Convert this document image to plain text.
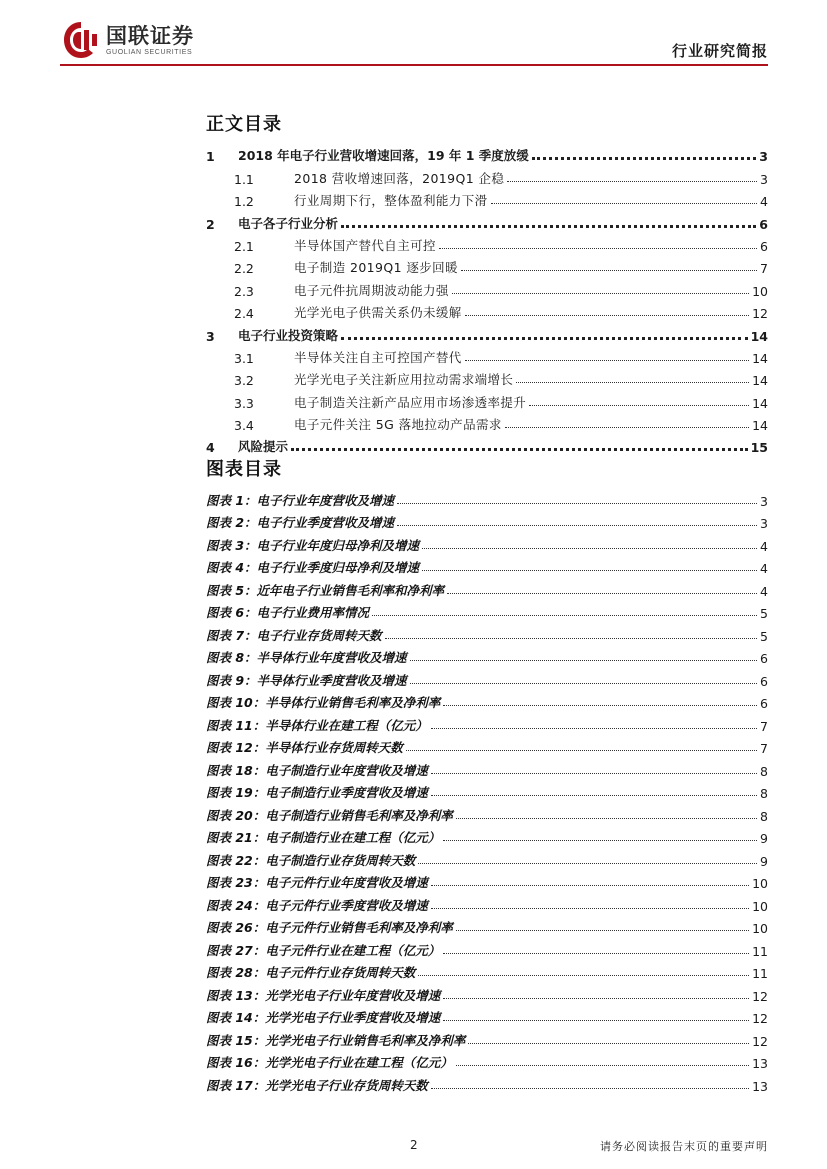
国联证券
GUOLIAN SECURITIES	行业研究简报
正文目录
1	2018 年电子行业营收增速回落，19 年 1 季度放缓	3
1.1	2018 营收增速回落，2019Q1 企稳	3
1.2	行业周期下行，整体盈利能力下滑	4
2	电子各子行业分析	6
2.1	半导体国产替代自主可控	6
2.2	电子制造 2019Q1 逐步回暖	7
2.3	电子元件抗周期波动能力强	10
2.4	光学光电子供需关系仍未缓解	12
3	电子行业投资策略	14
3.1	半导体关注自主可控国产替代	14
3.2	光学光电子关注新应用拉动需求端增长	14
3.3	电子制造关注新产品应用市场渗透率提升	14
3.4	电子元件关注 5G 落地拉动产品需求	14
4	风险提示	15
图表目录
图表 1：电子行业年度营收及增速	3
图表 2：电子行业季度营收及增速	3
图表 3：电子行业年度归母净利及增速	4
图表 4：电子行业季度归母净利及增速	4
图表 5：近年电子行业销售毛利率和净利率	4
图表 6：电子行业费用率情况	5
图表 7：电子行业存货周转天数	5
图表 8：半导体行业年度营收及增速	6
图表 9：半导体行业季度营收及增速	6
图表 10：半导体行业销售毛利率及净利率	6
图表 11：半导体行业在建工程（亿元）	7
图表 12：半导体行业存货周转天数	7
图表 18：电子制造行业年度营收及增速	8
图表 19：电子制造行业季度营收及增速	8
图表 20：电子制造行业销售毛利率及净利率	8
图表 21：电子制造行业在建工程（亿元）	9
图表 22：电子制造行业存货周转天数	9
图表 23：电子元件行业年度营收及增速	10
图表 24：电子元件行业季度营收及增速	10
图表 26：电子元件行业销售毛利率及净利率	10
图表 27：电子元件行业在建工程（亿元）	11
图表 28：电子元件行业存货周转天数	11
图表 13：光学光电子行业年度营收及增速	12
图表 14：光学光电子行业季度营收及增速	12
图表 15：光学光电子行业销售毛利率及净利率	12
图表 16：光学光电子行业在建工程（亿元）	13
图表 17：光学光电子行业存货周转天数	13
2	请务必阅读报告末页的重要声明
